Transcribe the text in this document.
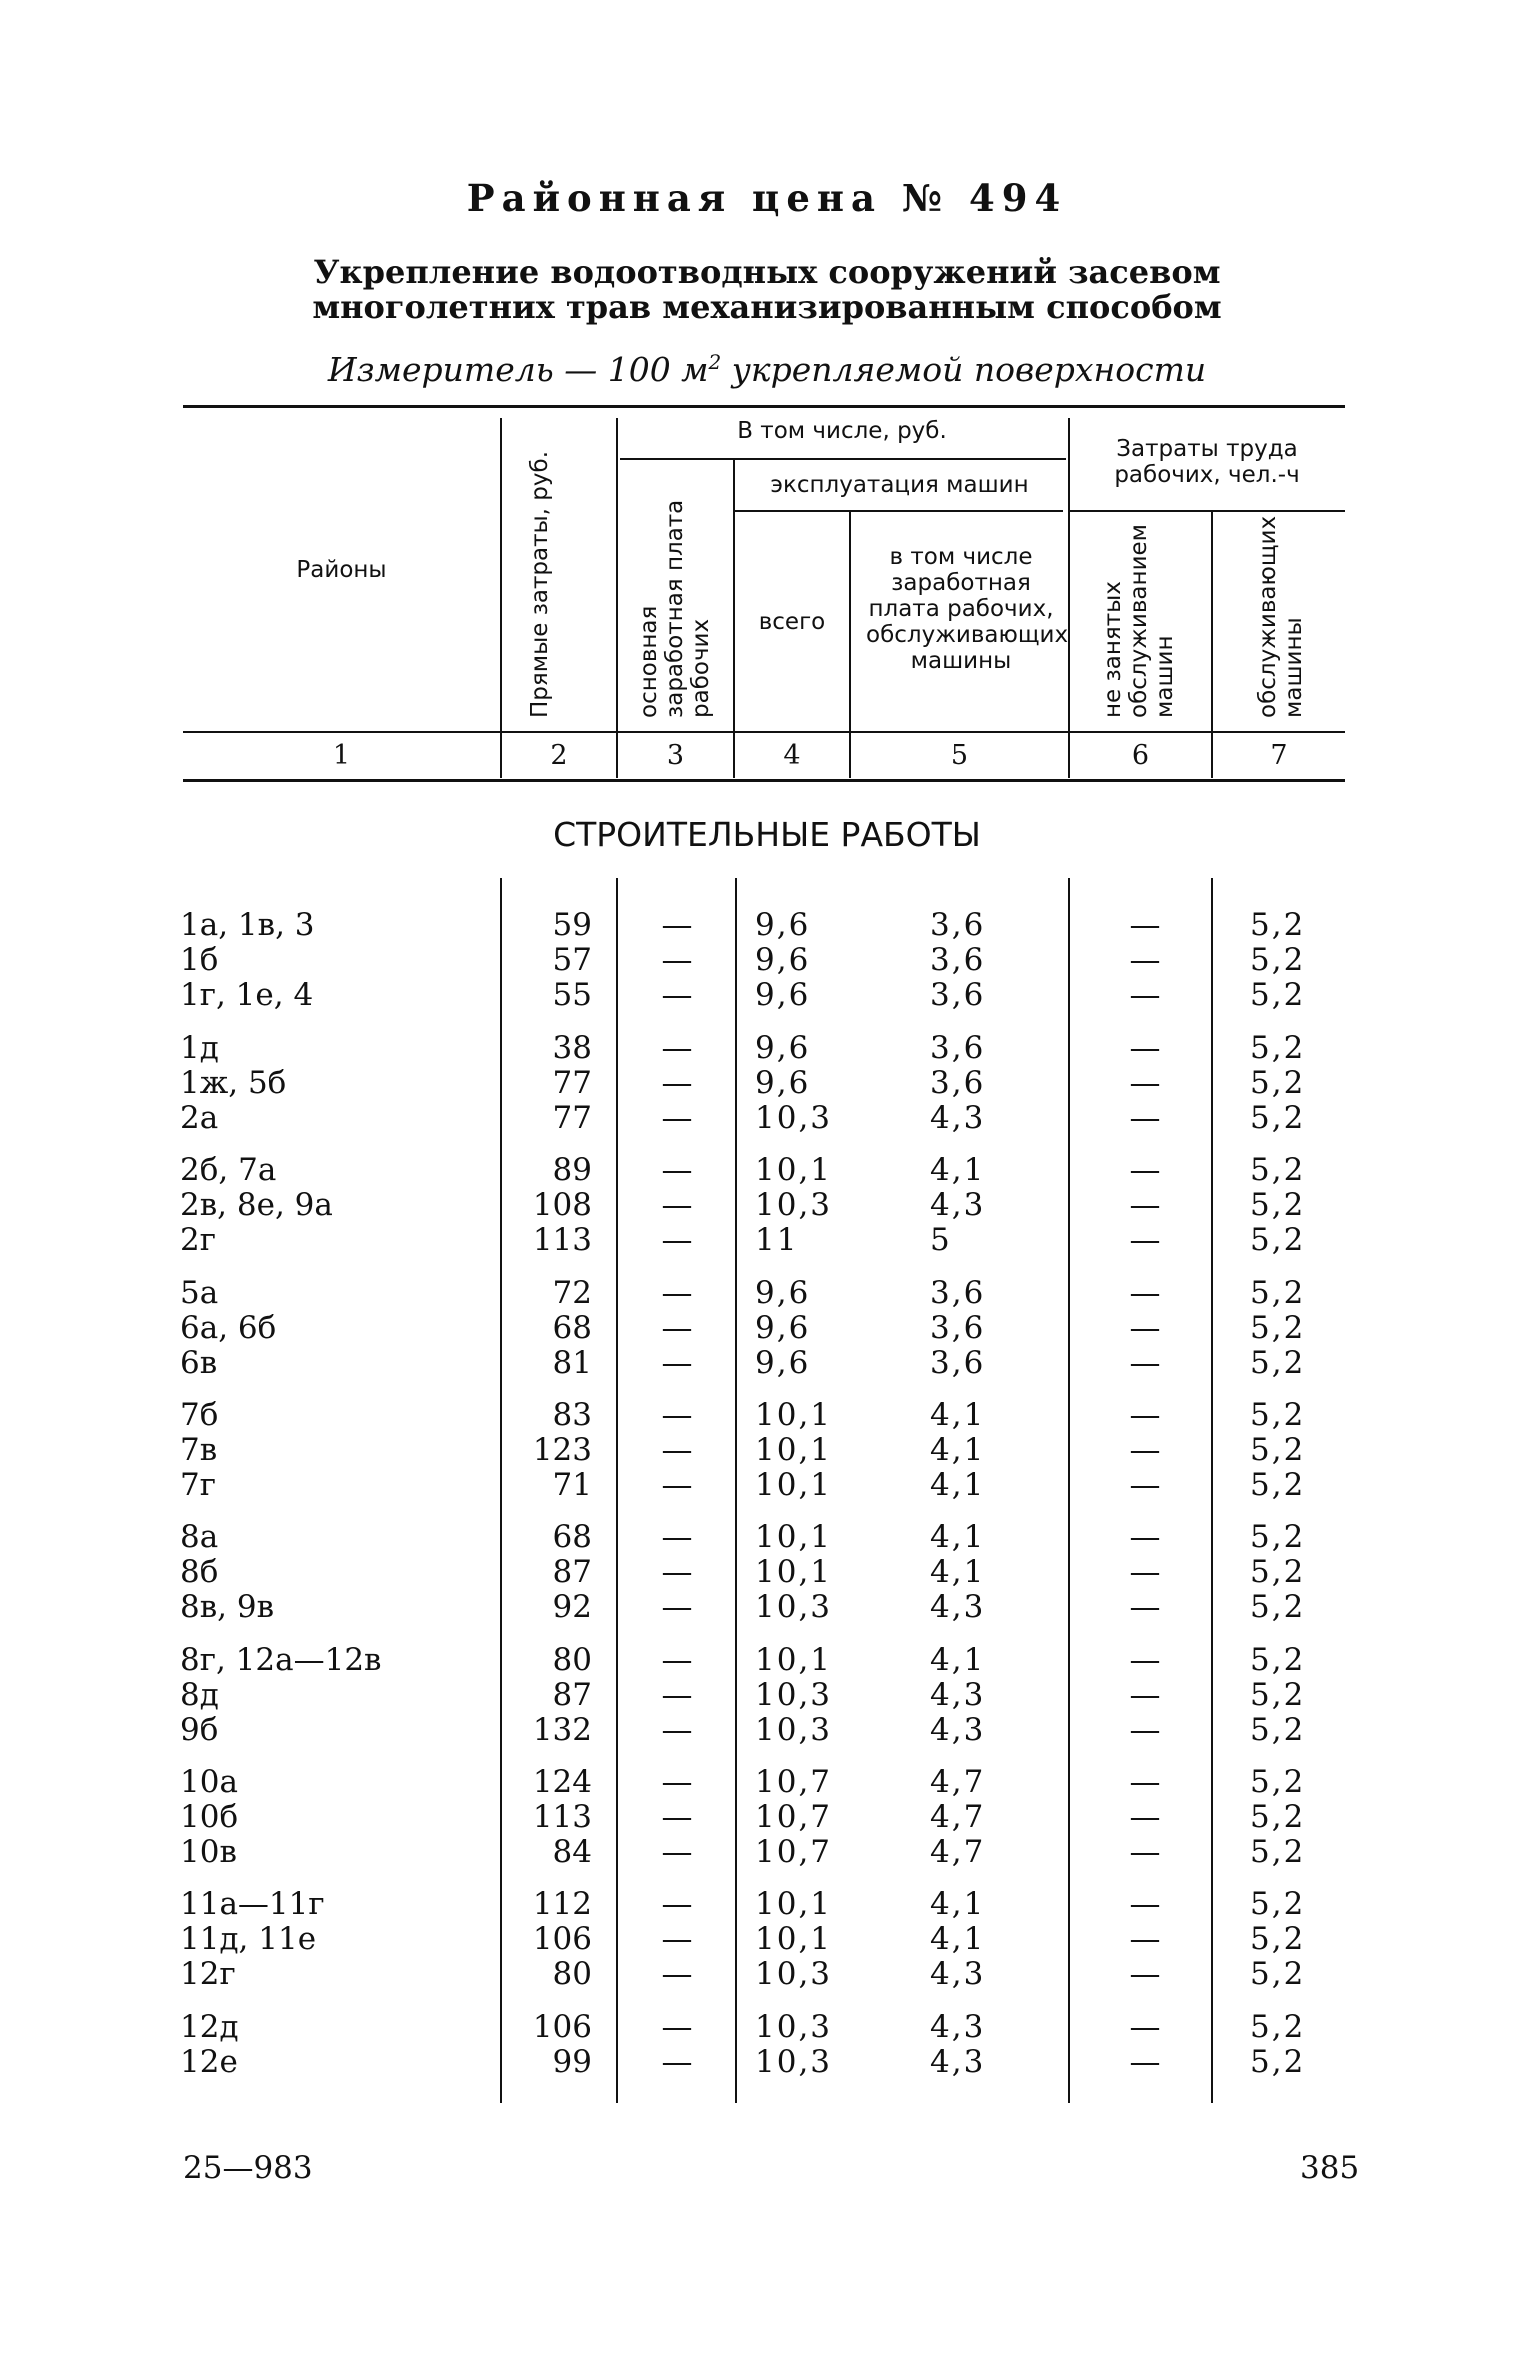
Районная цена № 494
Укрепление водоотводных сооружений засевом
многолетних трав механизированным способом
Измеритель — 100 $м^2$ укрепляемой поверхности
Районы	Прямые затраты, руб.
В том числе, руб.
основная заработная плата рабочих
эксплуатация машин
всего
в том числе заработная плата рабочих, обслуживающих машины
Затраты труда рабочих, чел.-ч
не занятых обслуживанием машин	обслуживающих машины
1	2	3	4	5	6	7
СТРОИТЕЛЬНЫЕ РАБОТЫ
1а, 1в, 3	59	—	9,6	3,6	—	5,2
1б	57	—	9,6	3,6	—	5,2
1г, 1е, 4	55	—	9,6	3,6	—	5,2
1д	38	—	9,6	3,6	—	5,2
1ж, 5б	77	—	9,6	3,6	—	5,2
2а	77	—	10,3	4,3	—	5,2
2б, 7а	89	—	10,1	4,1	—	5,2
2в, 8е, 9а	108	—	10,3	4,3	—	5,2
2г	113	—	11	5	—	5,2
5а	72	—	9,6	3,6	—	5,2
6а, 6б	68	—	9,6	3,6	—	5,2
6в	81	—	9,6	3,6	—	5,2
7б	83	—	10,1	4,1	—	5,2
7в	123	—	10,1	4,1	—	5,2
7г	71	—	10,1	4,1	—	5,2
8а	68	—	10,1	4,1	—	5,2
8б	87	—	10,1	4,1	—	5,2
8в, 9в	92	—	10,3	4,3	—	5,2
8г, 12а—12в	80	—	10,1	4,1	—	5,2
8д	87	—	10,3	4,3	—	5,2
9б	132	—	10,3	4,3	—	5,2
10а	124	—	10,7	4,7	—	5,2
10б	113	—	10,7	4,7	—	5,2
10в	84	—	10,7	4,7	—	5,2
11а—11г	112	—	10,1	4,1	—	5,2
11д, 11е	106	—	10,1	4,1	—	5,2
12г	80	—	10,3	4,3	—	5,2
12д	106	—	10,3	4,3	—	5,2
12е	99	—	10,3	4,3	—	5,2
25—983	385
